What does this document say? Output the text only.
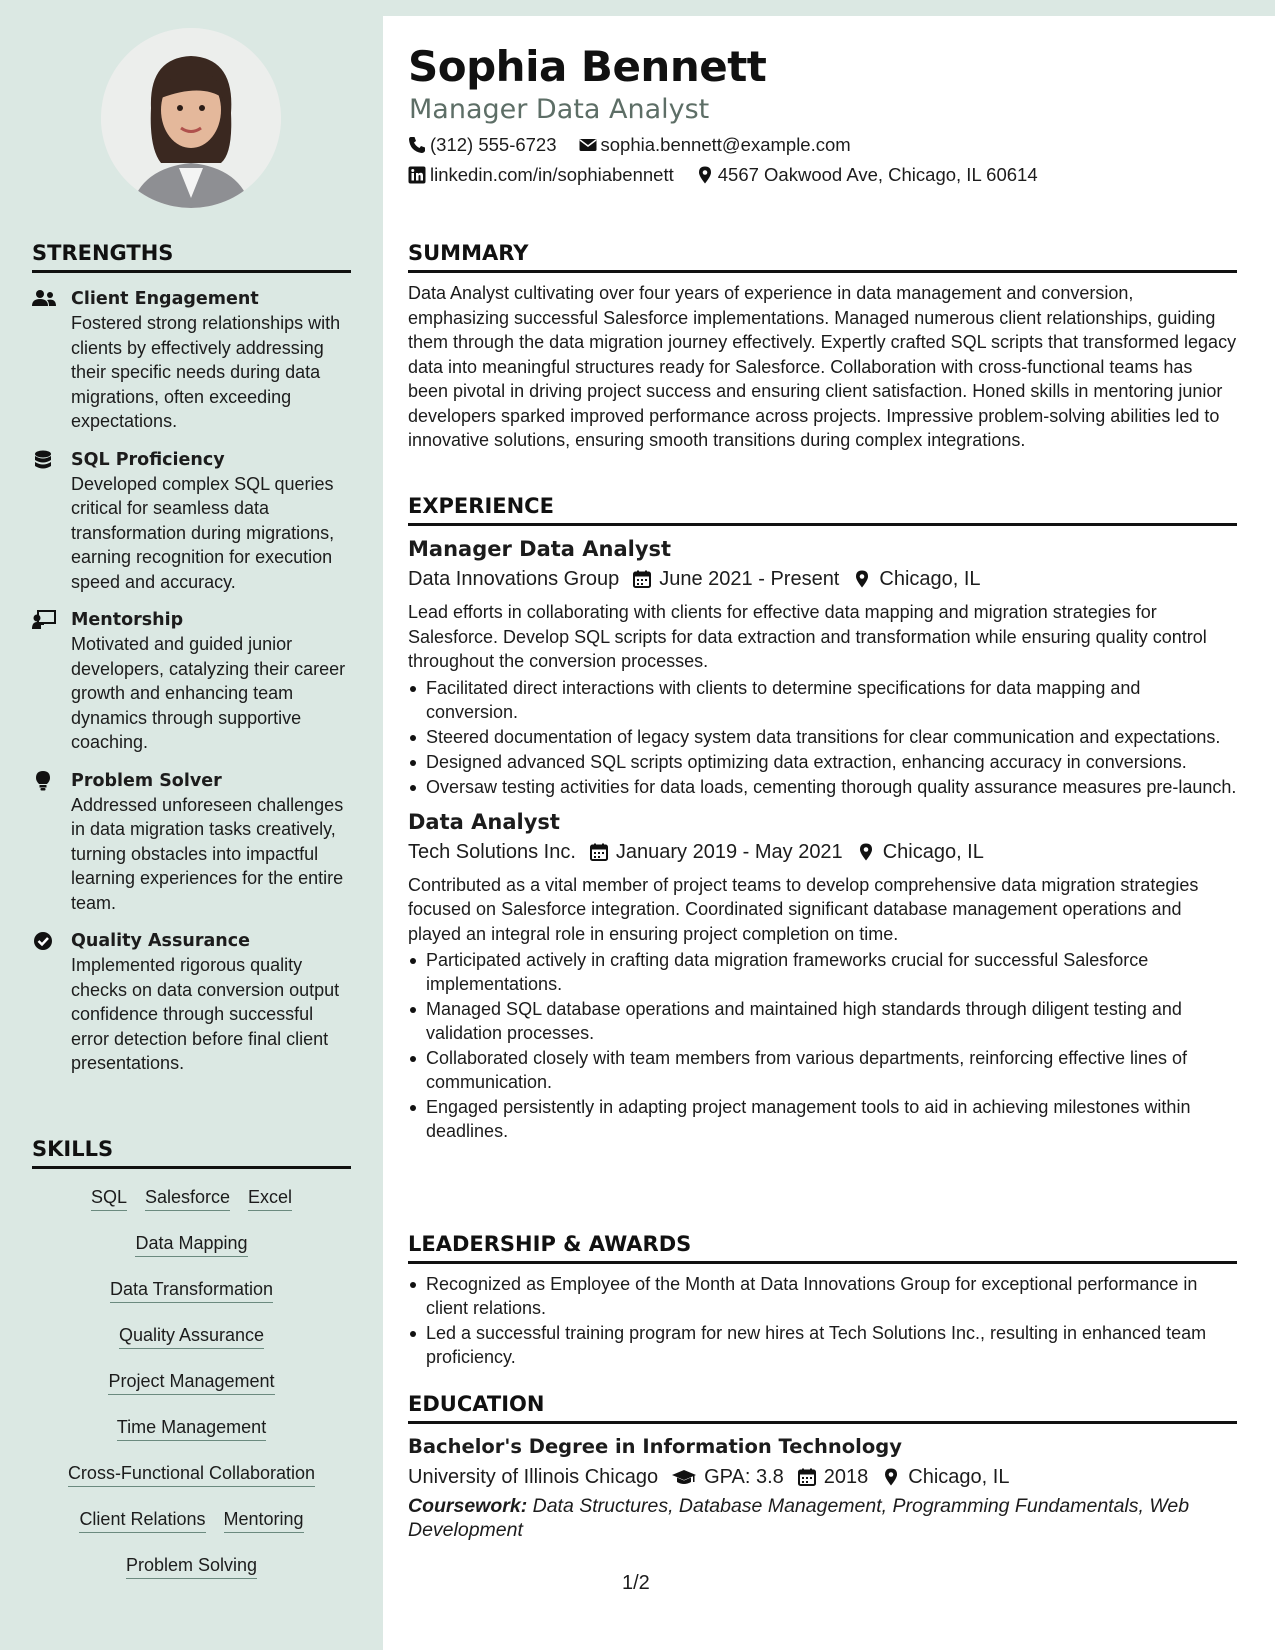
STRENGTHS
Client Engagement
Fostered strong relationships with clients by effectively addressing their specific needs during data migrations, often exceeding expectations.
SQL Proficiency
Developed complex SQL queries critical for seamless data transformation during migrations, earning recognition for execution speed and accuracy.
Mentorship
Motivated and guided junior developers, catalyzing their career growth and enhancing team dynamics through supportive coaching.
Problem Solver
Addressed unforeseen challenges in data migration tasks creatively, turning obstacles into impactful learning experiences for the entire team.
Quality Assurance
Implemented rigorous quality checks on data conversion output confidence through successful error detection before final client presentations.
SKILLS
SQL Salesforce Excel
Data Mapping
Data Transformation
Quality Assurance
Project Management
Time Management
Cross-Functional Collaboration
Client Relations Mentoring
Problem Solving
Sophia Bennett
Manager Data Analyst
(312) 555-6723 sophia.bennett@example.com
linkedin.com/in/sophiabennett 4567 Oakwood Ave, Chicago, IL 60614
SUMMARY
Data Analyst cultivating over four years of experience in data management and conversion, emphasizing successful Salesforce implementations. Managed numerous client relationships, guiding them through the data migration journey effectively. Expertly crafted SQL scripts that transformed legacy data into meaningful structures ready for Salesforce. Collaboration with cross-functional teams has been pivotal in driving project success and ensuring client satisfaction. Honed skills in mentoring junior developers sparked improved performance across projects. Impressive problem-solving abilities led to innovative solutions, ensuring smooth transitions during complex integrations.
EXPERIENCE
Manager Data Analyst
Data Innovations Group June 2021 - Present Chicago, IL
Lead efforts in collaborating with clients for effective data mapping and migration strategies for Salesforce. Develop SQL scripts for data extraction and transformation while ensuring quality control throughout the conversion processes.
Facilitated direct interactions with clients to determine specifications for data mapping and conversion.
Steered documentation of legacy system data transitions for clear communication and expectations.
Designed advanced SQL scripts optimizing data extraction, enhancing accuracy in conversions.
Oversaw testing activities for data loads, cementing thorough quality assurance measures pre-launch.
Data Analyst
Tech Solutions Inc. January 2019 - May 2021 Chicago, IL
Contributed as a vital member of project teams to develop comprehensive data migration strategies focused on Salesforce integration. Coordinated significant database management operations and played an integral role in ensuring project completion on time.
Participated actively in crafting data migration frameworks crucial for successful Salesforce implementations.
Managed SQL database operations and maintained high standards through diligent testing and validation processes.
Collaborated closely with team members from various departments, reinforcing effective lines of communication.
Engaged persistently in adapting project management tools to aid in achieving milestones within deadlines.
LEADERSHIP & AWARDS
Recognized as Employee of the Month at Data Innovations Group for exceptional performance in client relations.
Led a successful training program for new hires at Tech Solutions Inc., resulting in enhanced team proficiency.
EDUCATION
Bachelor's Degree in Information Technology
University of Illinois Chicago GPA: 3.8 2018 Chicago, IL
Coursework: Data Structures, Database Management, Programming Fundamentals, Web Development
1/2
